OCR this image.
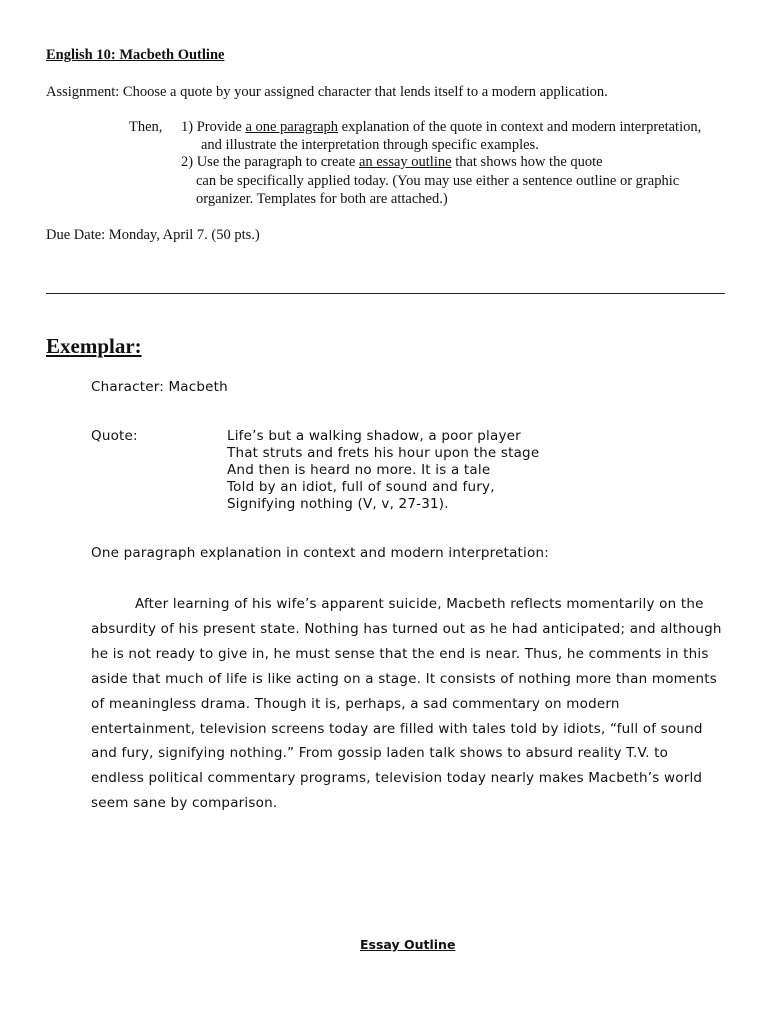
English 10: Macbeth Outline
Assignment: Choose a quote by your assigned character that lends itself to a modern application.
Then, 1) Provide a one paragraph explanation of the quote in context and modern interpretation,
and illustrate the interpretation through specific examples.
2) Use the paragraph to create an essay outline that shows how the quote
can be specifically applied today. (You may use either a sentence outline or graphic
organizer. Templates for both are attached.)
Due Date: Monday, April 7. (50 pts.)
Exemplar:
Character: Macbeth
Quote:	Life’s but a walking shadow, a poor player
That struts and frets his hour upon the stage
And then is heard no more. It is a tale
Told by an idiot, full of sound and fury,
Signifying nothing (V, v, 27-31).
One paragraph explanation in context and modern interpretation:
After learning of his wife’s apparent suicide, Macbeth reflects momentarily on the
absurdity of his present state. Nothing has turned out as he had anticipated; and although
he is not ready to give in, he must sense that the end is near. Thus, he comments in this
aside that much of life is like acting on a stage. It consists of nothing more than moments
of meaningless drama. Though it is, perhaps, a sad commentary on modern
entertainment, television screens today are filled with tales told by idiots, “full of sound
and fury, signifying nothing.” From gossip laden talk shows to absurd reality T.V. to
endless political commentary programs, television today nearly makes Macbeth’s world
seem sane by comparison.
Essay Outline
